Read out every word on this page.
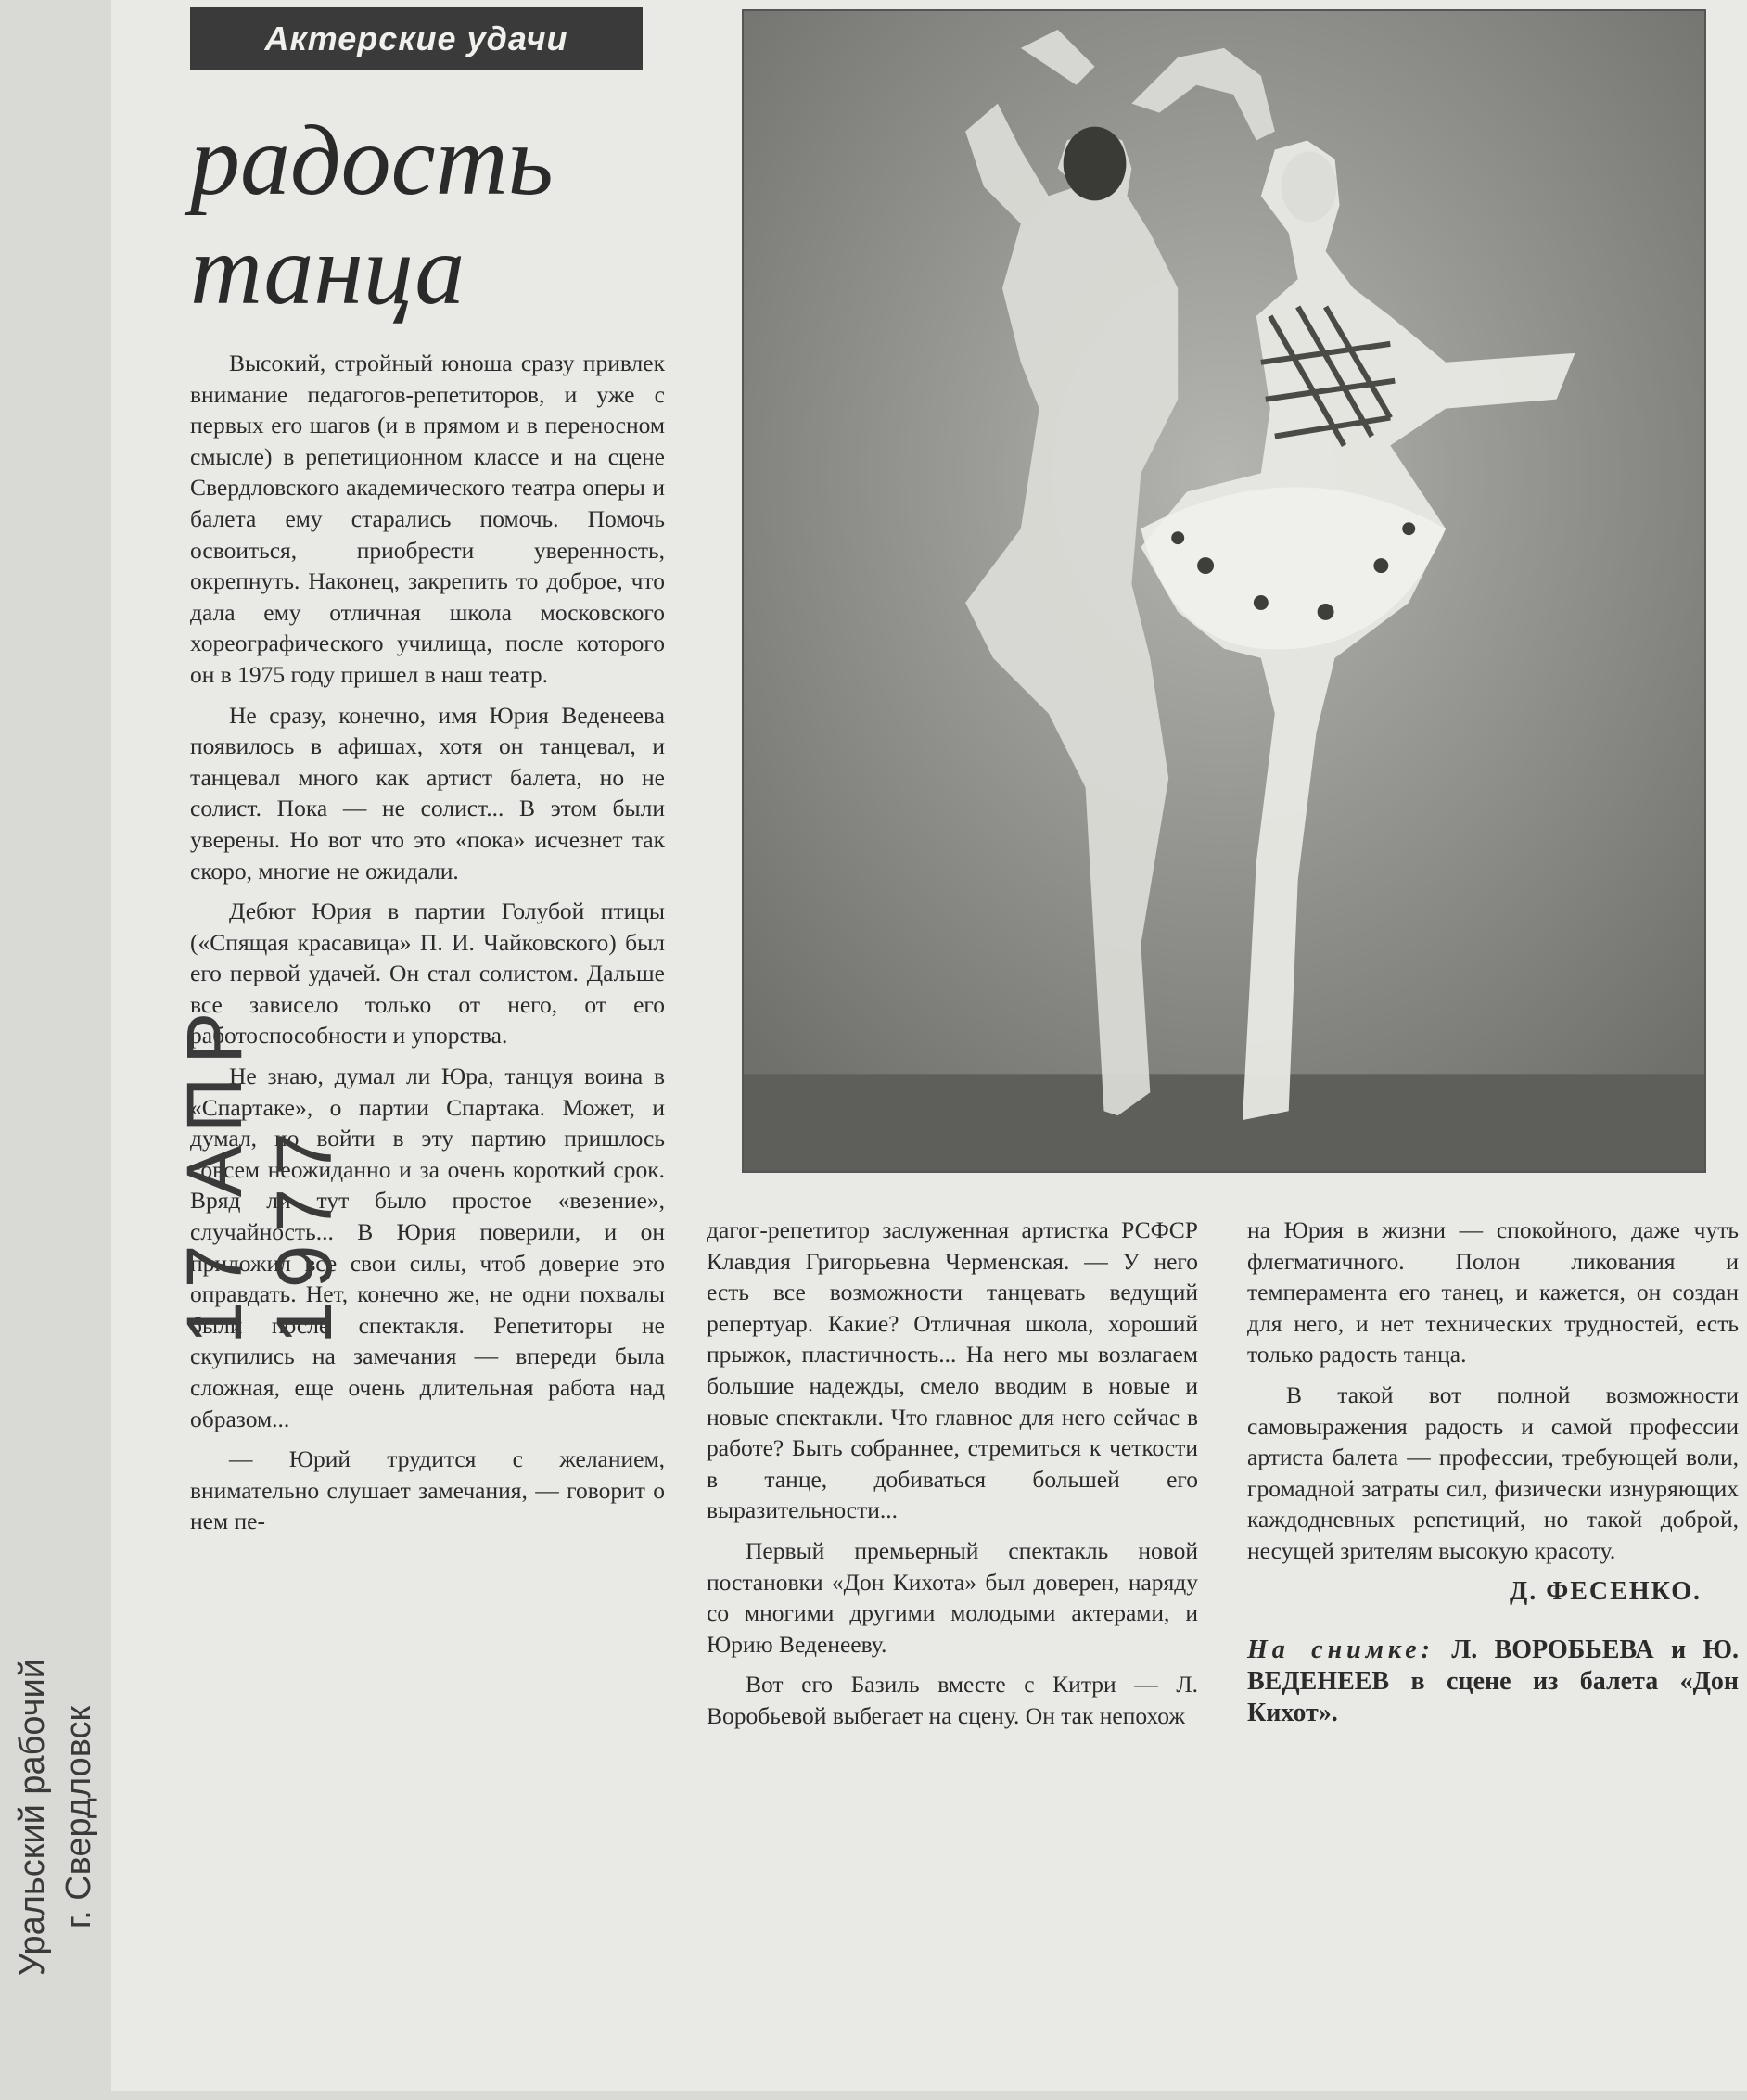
Актерские удачи
радость
танца

Высокий, стройный юноша сразу привлек внимание педагогов-репетиторов, и уже с первых его шагов (и в прямом и в переносном смысле) в репетиционном классе и на сцене Свердловского академического театра оперы и балета ему старались помочь. Помочь освоиться, приобрести уверенность, окрепнуть. Наконец, закрепить то доброе, что дала ему отличная школа московского хореографического училища, после которого он в 1975 году пришел в наш театр.

Не сразу, конечно, имя Юрия Веденеева появилось в афишах, хотя он танцевал, и танцевал много как артист балета, но не солист. Пока — не солист... В этом были уверены. Но вот что это «пока» исчезнет так скоро, многие не ожидали.

Дебют Юрия в партии Голубой птицы («Спящая красавица» П. И. Чайковского) был его первой удачей. Он стал солистом. Дальше все зависело только от него, от его работоспособности и упорства.

Не знаю, думал ли Юра, танцуя воина в «Спартаке», о партии Спартака. Может, и думал, но войти в эту партию пришлось совсем неожиданно и за очень короткий срок. Вряд ли тут было простое «везение», случайность... В Юрия поверили, и он приложил все свои силы, чтоб доверие это оправдать. Нет, конечно же, не одни похвалы были после спектакля. Репетиторы не скупились на замечания — впереди была сложная, еще очень длительная работа над образом...

— Юрий трудится с желанием, внимательно слушает замечания, — говорит о нем пе-

дагог-репетитор заслуженная артистка РСФСР Клавдия Григорьевна Черменская. — У него есть все возможности танцевать ведущий репертуар. Какие? Отличная школа, хороший прыжок, пластичность... На него мы возлагаем большие надежды, смело вводим в новые и новые спектакли. Что главное для него сейчас в работе? Быть собраннее, стремиться к четкости в танце, добиваться большей его выразительности...

Первый премьерный спектакль новой постановки «Дон Кихота» был доверен, наряду со многими другими молодыми актерами, и Юрию Веденееву.

Вот его Базиль вместе с Китри — Л. Воробьевой выбегает на сцену. Он так непохож

на Юрия в жизни — спокойного, даже чуть флегматичного. Полон ликования и темперамента его танец, и кажется, он создан для него, и нет технических трудностей, есть только радость танца.

В такой вот полной возможности самовыражения радость и самой профессии артиста балета — профессии, требующей воли, громадной затраты сил, физически изнуряющих каждодневных репетиций, но такой доброй, несущей зрителям высокую красоту.

Д. ФЕСЕНКО.
На снимке: Л. ВОРОБЬЕВА и Ю. ВЕДЕНЕЕВ в сцене из балета «Дон Кихот».
17 АПР 1977
Уральский рабочий г. Свердловск
